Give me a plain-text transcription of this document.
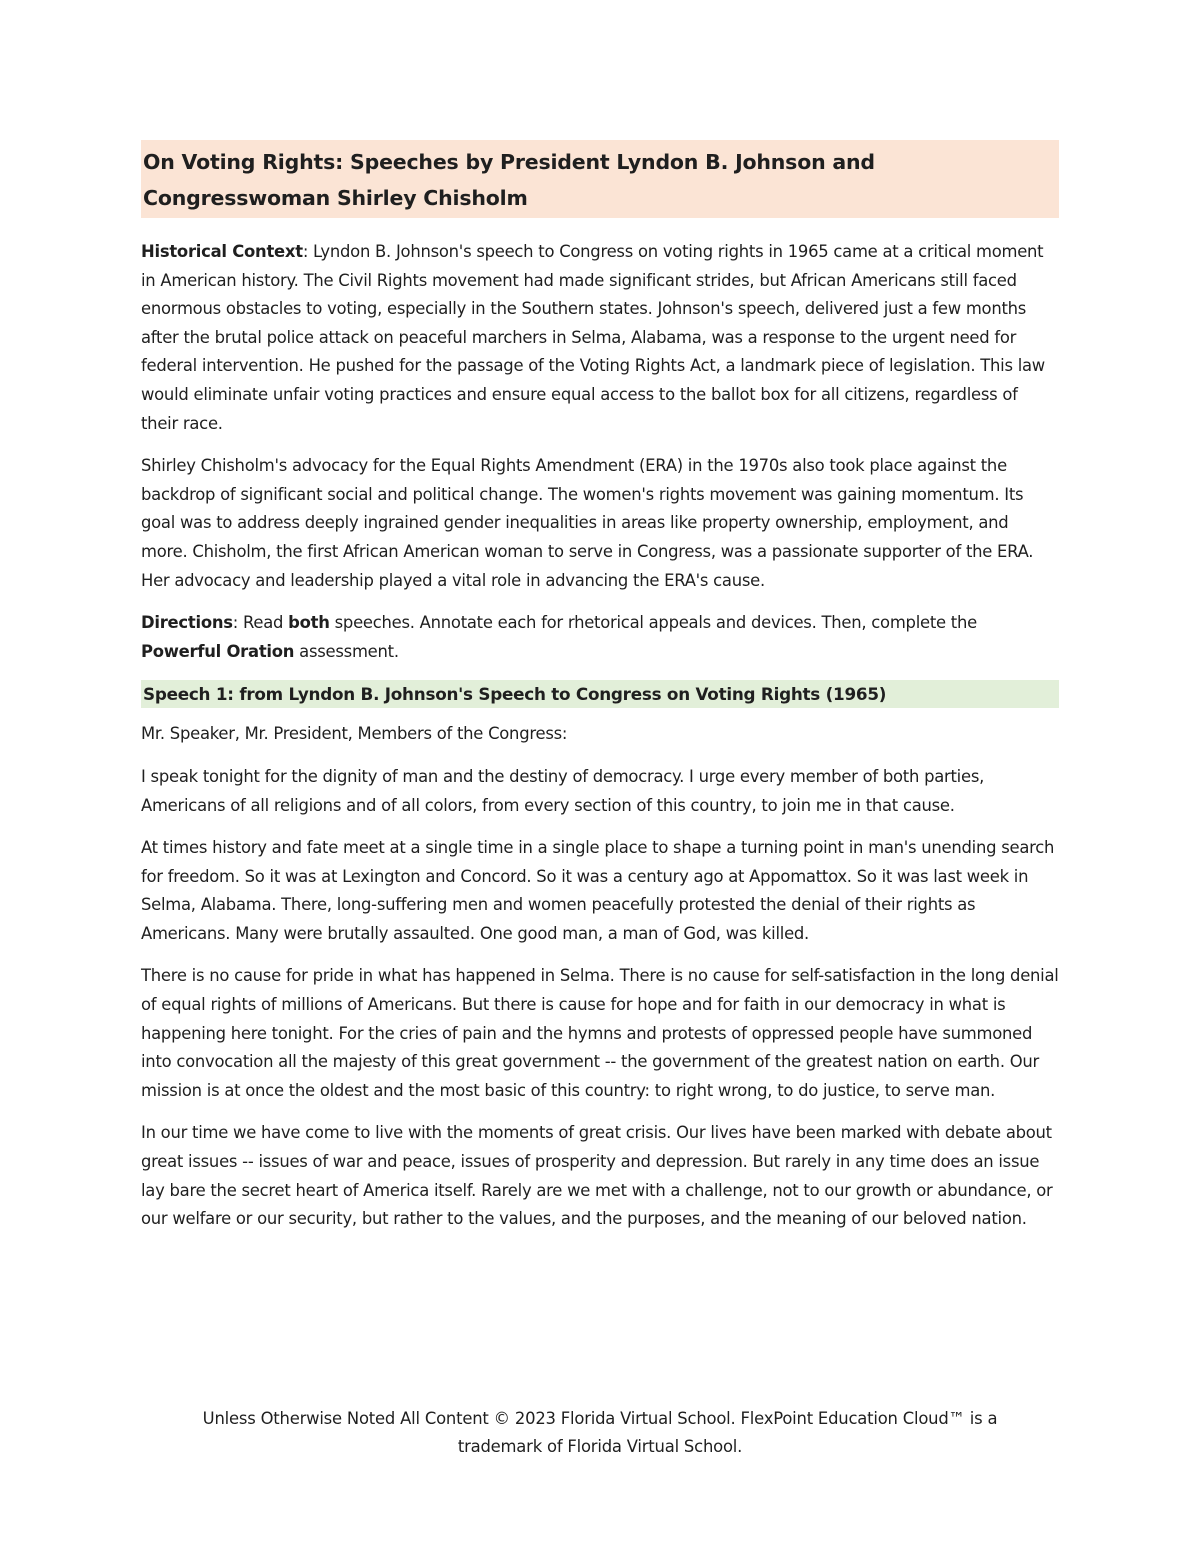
On Voting Rights: Speeches by President Lyndon B. Johnson and
Congresswoman Shirley Chisholm

Historical Context: Lyndon B. Johnson's speech to Congress on voting rights in 1965 came at a critical moment in American history. The Civil Rights movement had made significant strides, but African Americans still faced enormous obstacles to voting, especially in the Southern states. Johnson's speech, delivered just a few months after the brutal police attack on peaceful marchers in Selma, Alabama, was a response to the urgent need for federal intervention. He pushed for the passage of the Voting Rights Act, a landmark piece of legislation. This law would eliminate unfair voting practices and ensure equal access to the ballot box for all citizens, regardless of their race.

Shirley Chisholm's advocacy for the Equal Rights Amendment (ERA) in the 1970s also took place against the backdrop of significant social and political change. The women's rights movement was gaining momentum. Its goal was to address deeply ingrained gender inequalities in areas like property ownership, employment, and more. Chisholm, the first African American woman to serve in Congress, was a passionate supporter of the ERA. Her advocacy and leadership played a vital role in advancing the ERA's cause.

Directions: Read both speeches. Annotate each for rhetorical appeals and devices. Then, complete the Powerful Oration assessment.

Speech 1: from Lyndon B. Johnson's Speech to Congress on Voting Rights (1965)

Mr. Speaker, Mr. President, Members of the Congress:

I speak tonight for the dignity of man and the destiny of democracy. I urge every member of both parties, Americans of all religions and of all colors, from every section of this country, to join me in that cause.

At times history and fate meet at a single time in a single place to shape a turning point in man's unending search for freedom. So it was at Lexington and Concord. So it was a century ago at Appomattox. So it was last week in Selma, Alabama. There, long-suffering men and women peacefully protested the denial of their rights as Americans. Many were brutally assaulted. One good man, a man of God, was killed.

There is no cause for pride in what has happened in Selma. There is no cause for self-satisfaction in the long denial of equal rights of millions of Americans. But there is cause for hope and for faith in our democracy in what is happening here tonight. For the cries of pain and the hymns and protests of oppressed people have summoned into convocation all the majesty of this great government -- the government of the greatest nation on earth. Our mission is at once the oldest and the most basic of this country: to right wrong, to do justice, to serve man.

In our time we have come to live with the moments of great crisis. Our lives have been marked with debate about great issues -- issues of war and peace, issues of prosperity and depression. But rarely in any time does an issue lay bare the secret heart of America itself. Rarely are we met with a challenge, not to our growth or abundance, or our welfare or our security, but rather to the values, and the purposes, and the meaning of our beloved nation.

Unless Otherwise Noted All Content © 2023 Florida Virtual School. FlexPoint Education Cloud™ is a
trademark of Florida Virtual School.
